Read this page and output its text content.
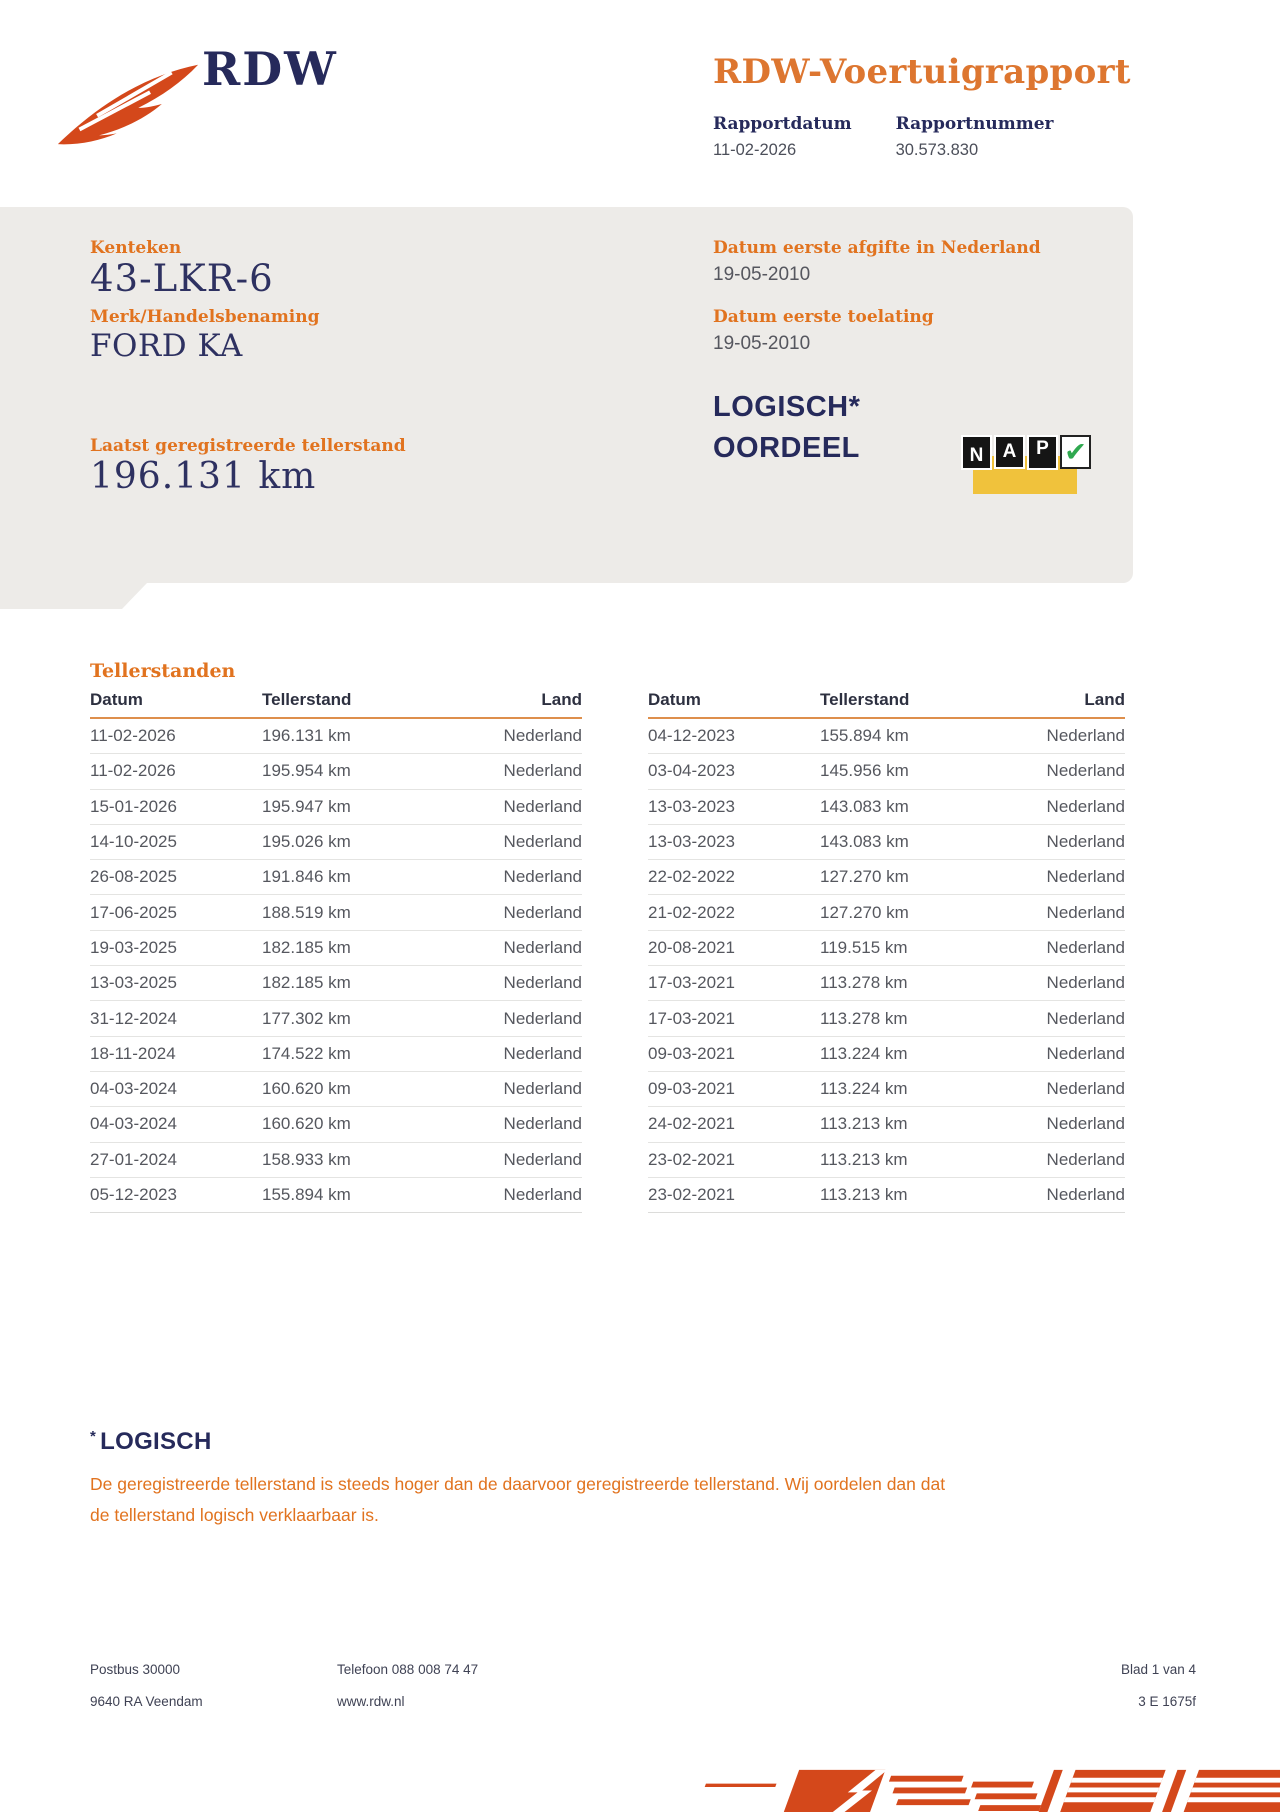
RDW	RDW-Voertuigrapport
Rapportdatum
11-02-2026
Rapportnummer
30.573.830
Kenteken
43-LKR-6
Merk/Handelsbenaming
FORD KA
Laatst geregistreerde tellerstand
196.131 km
Datum eerste afgifte in Nederland
19-05-2010
Datum eerste toelating
19-05-2010
LOGISCH*
OORDEEL	N	A	P ✔
Tellerstanden
Datum	Tellerstand	Land
11-02-2026	196.131 km	Nederland
11-02-2026	195.954 km	Nederland
15-01-2026	195.947 km	Nederland
14-10-2025	195.026 km	Nederland
26-08-2025	191.846 km	Nederland
17-06-2025	188.519 km	Nederland
19-03-2025	182.185 km	Nederland
13-03-2025	182.185 km	Nederland
31-12-2024	177.302 km	Nederland
18-11-2024	174.522 km	Nederland
04-03-2024	160.620 km	Nederland
04-03-2024	160.620 km	Nederland
27-01-2024	158.933 km	Nederland
05-12-2023	155.894 km	Nederland
Datum	Tellerstand	Land
04-12-2023	155.894 km	Nederland
03-04-2023	145.956 km	Nederland
13-03-2023	143.083 km	Nederland
13-03-2023	143.083 km	Nederland
22-02-2022	127.270 km	Nederland
21-02-2022	127.270 km	Nederland
20-08-2021	119.515 km	Nederland
17-03-2021	113.278 km	Nederland
17-03-2021	113.278 km	Nederland
09-03-2021	113.224 km	Nederland
09-03-2021	113.224 km	Nederland
24-02-2021	113.213 km	Nederland
23-02-2021	113.213 km	Nederland
23-02-2021	113.213 km	Nederland
* LOGISCH
De geregistreerde tellerstand is steeds hoger dan de daarvoor geregistreerde tellerstand. Wij oordelen dan dat de tellerstand logisch verklaarbaar is.
Postbus 30000	Telefoon 088 008 74 47	Blad 1 van 4
9640 RA Veendam	www.rdw.nl	3 E 1675f
